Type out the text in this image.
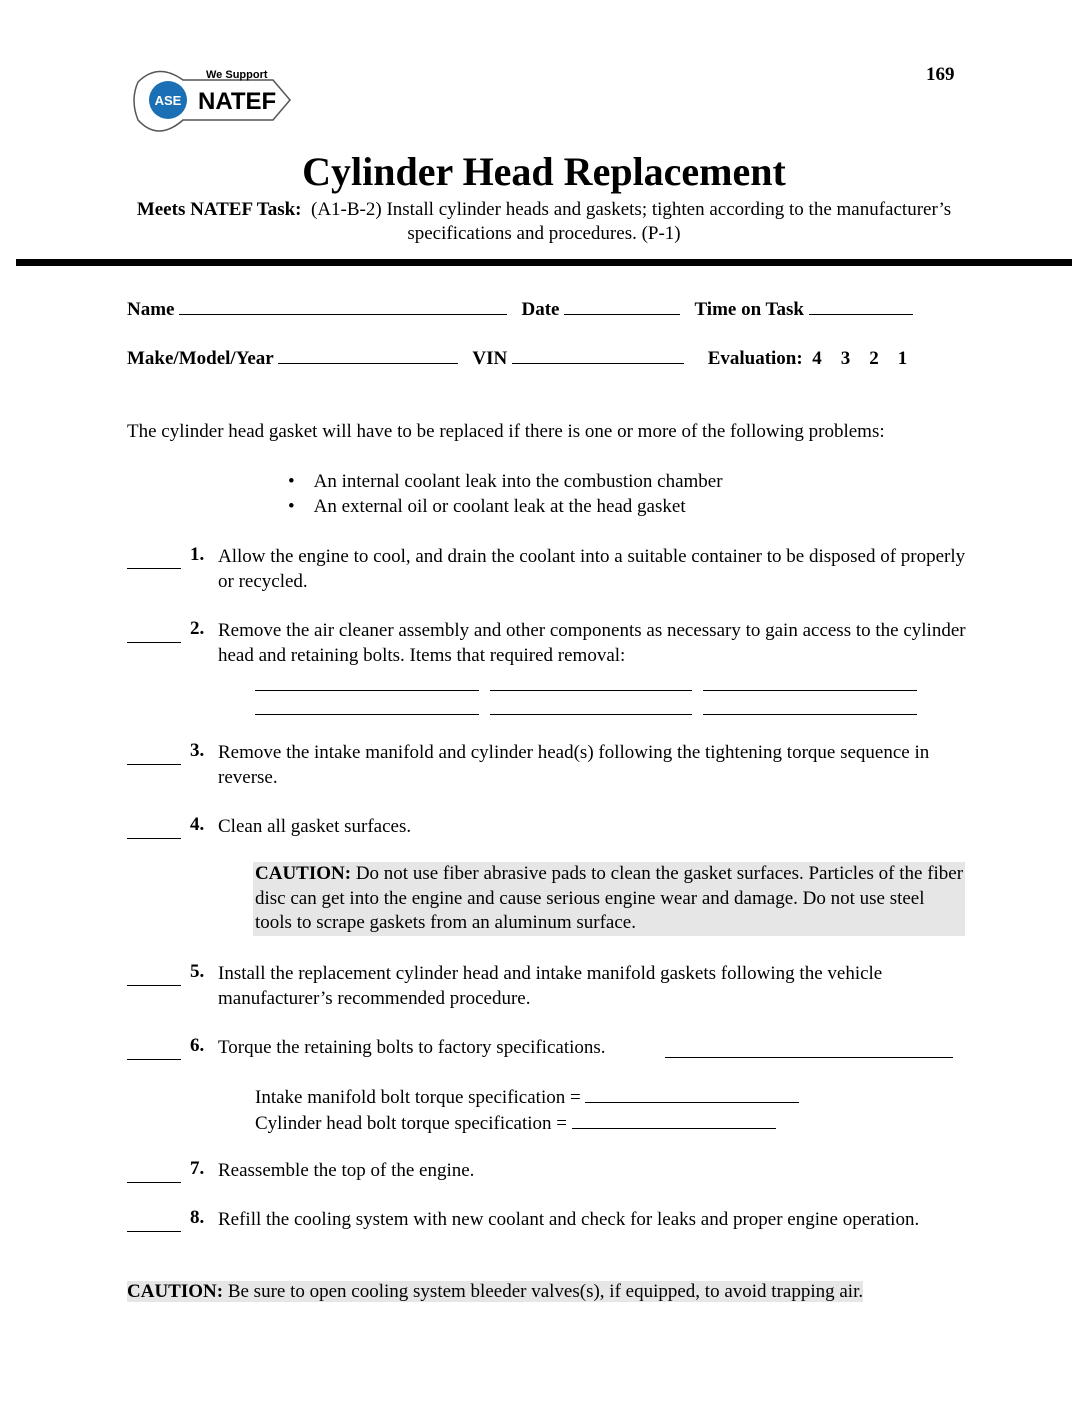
169
ASE
We Support
NATEF
Cylinder Head Replacement
Meets NATEF Task: (A1-B-2) Install cylinder heads and gaskets; tighten according to the manufacturer’s specifications and procedures. (P-1)
Name	Date	Time on Task
Make/Model/Year	VIN	Evaluation: 4 3 2 1
The cylinder head gasket will have to be replaced if there is one or more of the following problems:
•    An internal coolant leak into the combustion chamber
•    An external oil or coolant leak at the head gasket
1. Allow the engine to cool, and drain the coolant into a suitable container to be disposed of properly or recycled.
2. Remove the air cleaner assembly and other components as necessary to gain access to the cylinder head and retaining bolts. Items that required removal:
3. Remove the intake manifold and cylinder head(s) following the tightening torque sequence in reverse.
4. Clean all gasket surfaces.
CAUTION: Do not use fiber abrasive pads to clean the gasket surfaces. Particles of the fiber disc can get into the engine and cause serious engine wear and damage. Do not use steel tools to scrape gaskets from an aluminum surface.
5. Install the replacement cylinder head and intake manifold gaskets following the vehicle manufacturer’s recommended procedure.
6. Torque the retaining bolts to factory specifications.
Intake manifold bolt torque specification =
Cylinder head bolt torque specification =
7. Reassemble the top of the engine.
8. Refill the cooling system with new coolant and check for leaks and proper engine operation.
CAUTION: Be sure to open cooling system bleeder valves(s), if equipped, to avoid trapping air.
